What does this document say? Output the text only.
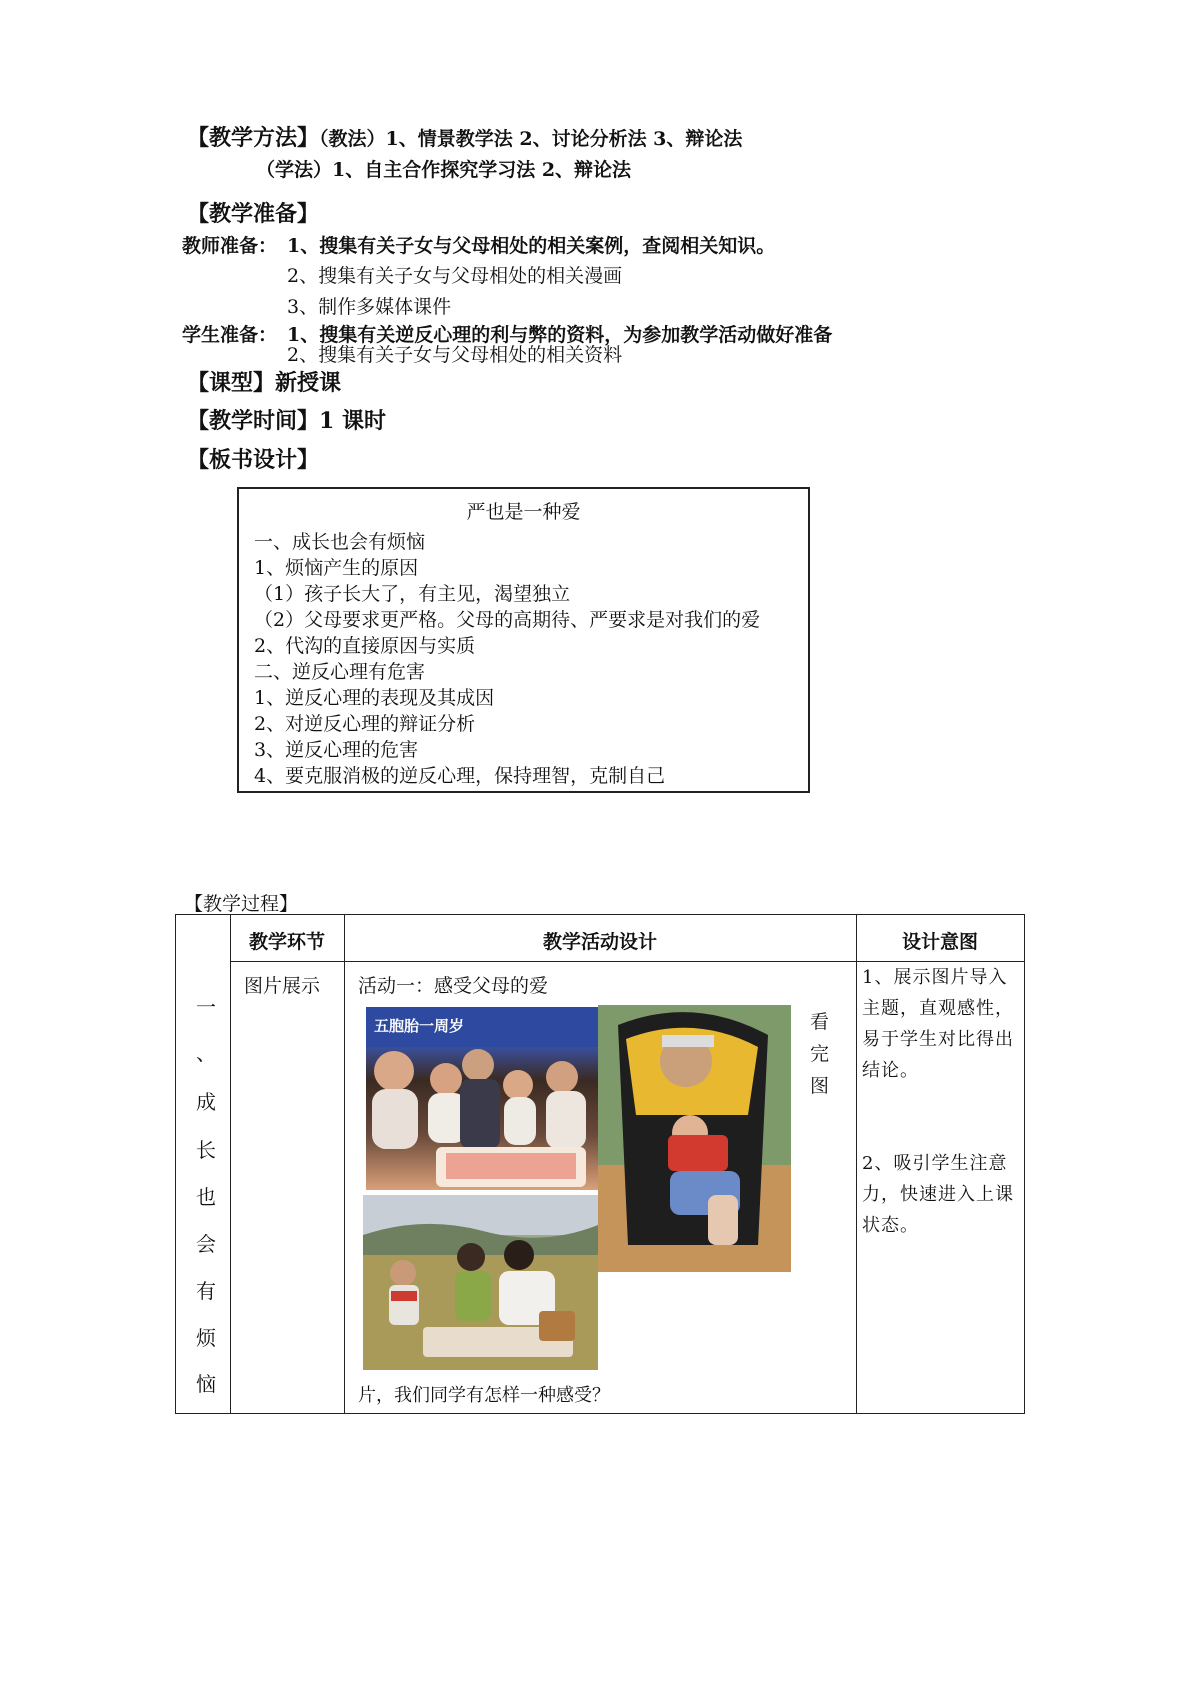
【教学方法】（教法）1、情景教学法 2、讨论分析法 3、辩论法
（学法）1、自主合作探究学习法 2、辩论法
【教学准备】
教师准备： 1、搜集有关子女与父母相处的相关案例，查阅相关知识。
2、搜集有关子女与父母相处的相关漫画
3、制作多媒体课件
学生准备： 1、搜集有关逆反心理的利与弊的资料，为参加教学活动做好准备
2、搜集有关子女与父母相处的相关资料
【课型】新授课
【教学时间】1 课时
【板书设计】
严也是一种爱
一、成长也会有烦恼
1、烦恼产生的原因
（1）孩子长大了，有主见，渴望独立
（2）父母要求更严格。父母的高期待、严要求是对我们的爱
2、代沟的直接原因与实质
二、逆反心理有危害
1、逆反心理的表现及其成因
2、对逆反心理的辩证分析
3、逆反心理的危害
4、要克服消极的逆反心理，保持理智，克制自己
【教学过程】
教学环节	教学活动设计	设计意图
一
、
成
长
也
会
有
烦
恼
图片展示 活动一：感受父母的爱
看
完
图
片，我们同学有怎样一种感受？
1、展示图片导入主题，直观感性，易于学生对比得出结论。
2、吸引学生注意力，快速进入上课状态。
五胞胎一周岁
